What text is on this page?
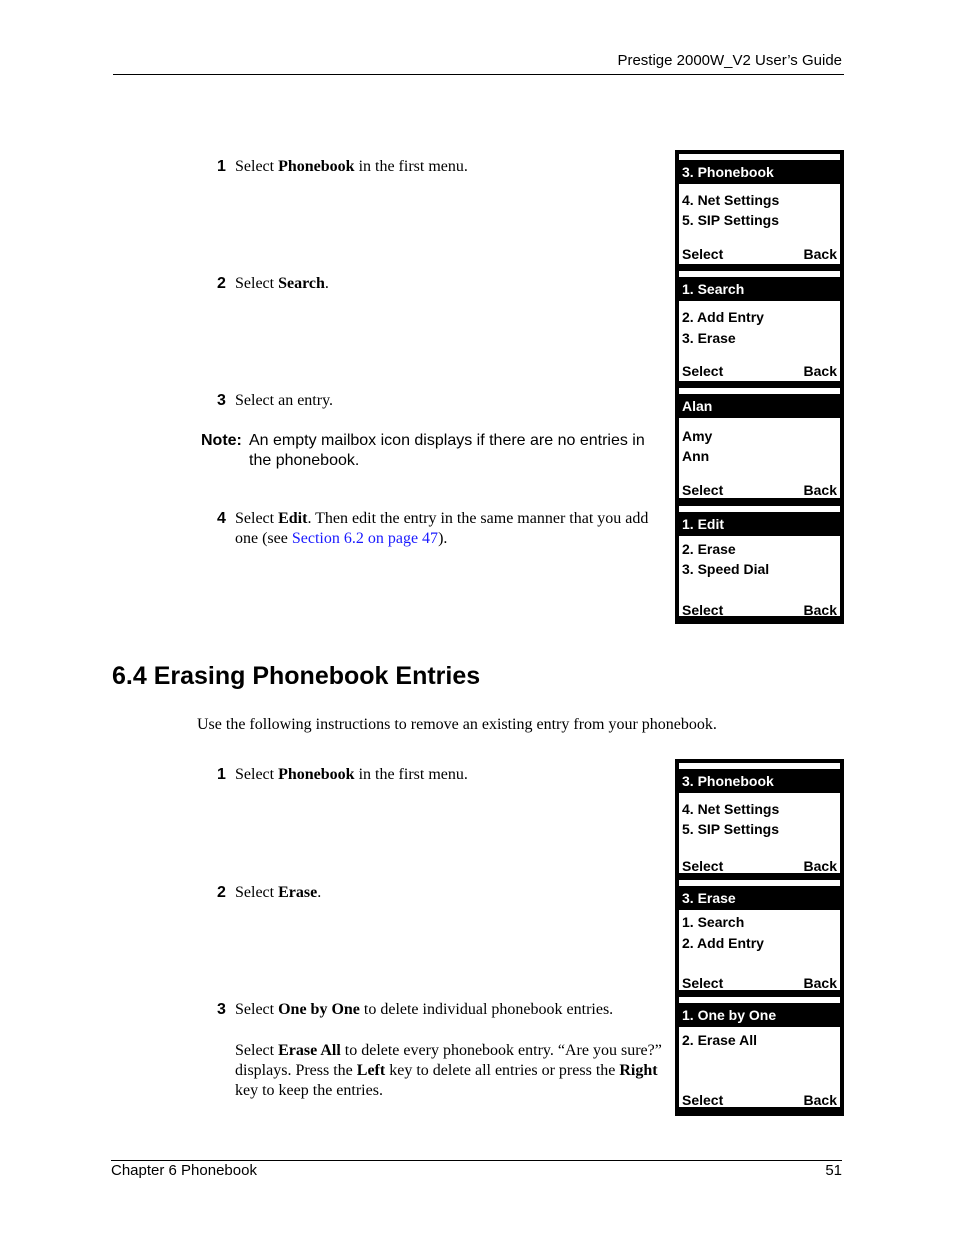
Prestige 2000W_V2 User’s Guide
1 Select Phonebook in the first menu.
2 Select Search.
3 Select an entry.
Note: An empty mailbox icon displays if there are no entries in the phonebook.
4 Select Edit. Then edit the entry in the same manner that you add one (see Section 6.2 on page 47).
3. Phonebook
4. Net Settings
5. SIP Settings
Select	Back
1. Search
2. Add Entry
3. Erase
Select	Back
Alan
Amy
Ann
Select	Back
1. Edit
2. Erase
3. Speed Dial
Select	Back
6.4 Erasing Phonebook Entries
Use the following instructions to remove an existing entry from your phonebook.
1 Select Phonebook in the first menu.
2 Select Erase.
3 Select One by One to delete individual phonebook entries.

Select Erase All to delete every phonebook entry. “Are you sure?” displays. Press the Left key to delete all entries or press the Right key to keep the entries.

3. Phonebook
4. Net Settings
5. SIP Settings
Select	Back
3. Erase
1. Search
2. Add Entry
Select	Back
1. One by One
2. Erase All
Select	Back
Chapter 6 Phonebook	51
